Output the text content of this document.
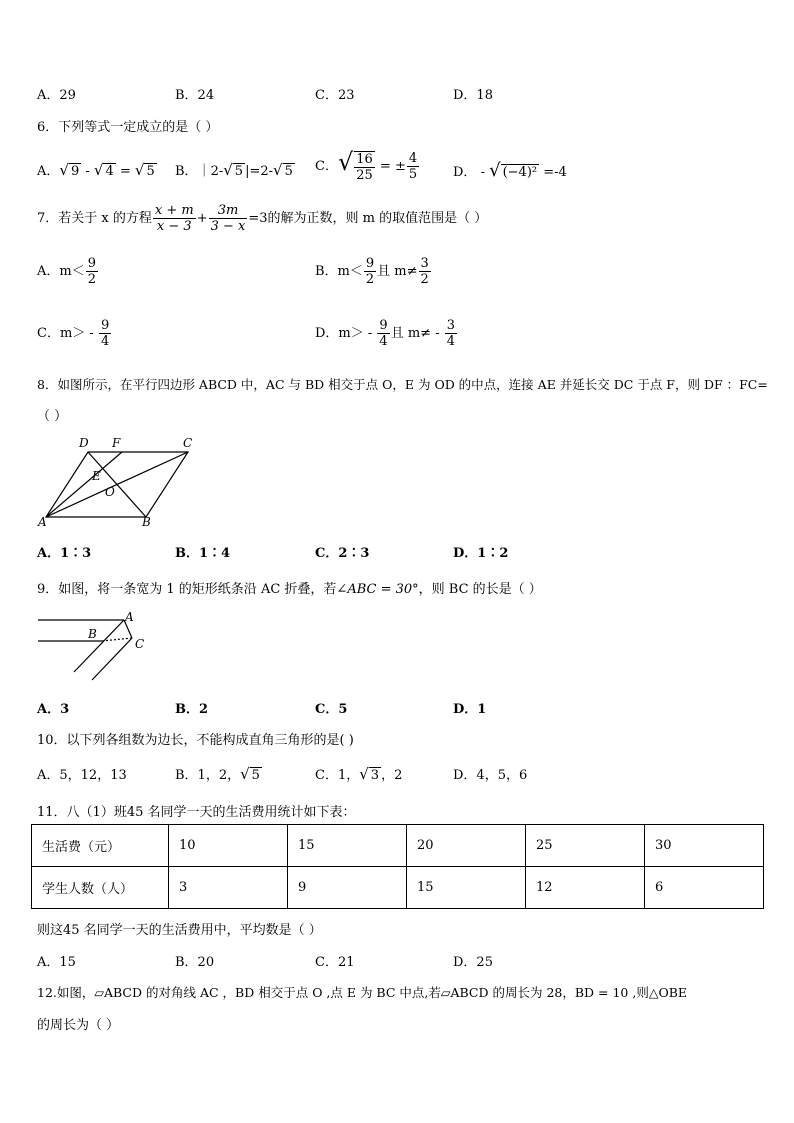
A．29	B．24	C．23	D．18
6．下列等式一定成立的是（ ）
A．√ 9 - √ 4 = √ 5 B．｜2-√ 5 |=2-√ 5 C．√ $\frac{16}{25}$ = ± $\frac{4}{5}$	D． - √ (−4)² =-4
7．若关于 x 的方程 $\frac{x + m}{x - 3} + \frac{3m}{3 - x} =3$的解为正数，则 m 的取值范围是（ ）
A．$m< \frac{9}{2}$	B．$m< \frac{9}{2}$ 且 $m\ne \frac{3}{2}$
C．$m> - \frac{9}{4}$	D．$m> - \frac{9}{4}$ 且 $m\ne - \frac{3}{4}$
8．如图所示，在平行四边形 ABCD 中，AC 与 BD 相交于点 O，E 为 OD 的中点，连接 AE 并延长交 DC 于点 F，则 DF ：FC=
（ ）
A	B
C
D
E
F
O
A．1∶3	B．1∶4	C．2∶3	D．1∶2
9．如图，将一条宽为 1 的矩形纸条沿 AC 折叠，若∠ABC = 30°，则 BC 的长是（ ）
A
B
C
A．3	B．2	C．5	D．1
10．以下列各组数为边长，不能构成直角三角形的是( )
A．5，12，13	B．1，2，√ 5	C．1，√ 3 ，2	D．4，5，6
11．八（1）班45 名同学一天的生活费用统计如下表：
生活费（元）	10	15	20	25	30
学生人数（人）	3	9	15	12	6
则这45 名同学一天的生活费用中，平均数是（ ）
A．15	B．20	C．21	D．25
12.如图，▱ABCD 的对角线 AC ，BD 相交于点 O ,点 E 为 BC 中点,若▱ABCD 的周长为 28，BD = 10 ,则△OBE
的周长为（ ）
